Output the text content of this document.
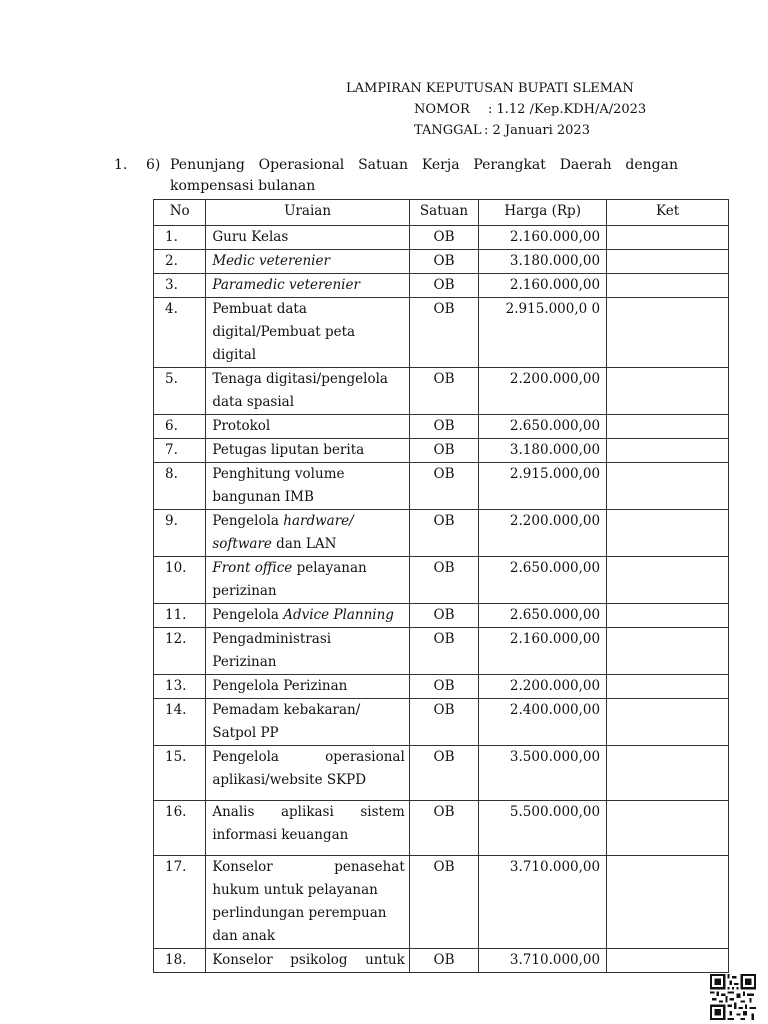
LAMPIRAN KEPUTUSAN BUPATI SLEMAN
NOMOR : 1.12 /Kep.KDH/A/2023
TANGGAL : 2 Januari 2023
1. 6) Penunjang Operasional Satuan Kerja Perangkat Daerah dengan
kompensasi bulanan
No	Uraian	Satuan	Harga (Rp)	Ket
1.	Guru Kelas	OB	2.160.000,00	
2.	Medic veterenier	OB	3.180.000,00	
3.	Paramedic veterenier	OB	2.160.000,00	
4.	Pembuat data
digital/Pembuat peta
digital	OB	2.915.000,0 0	
5.	Tenaga digitasi/pengelola
data spasial	OB	2.200.000,00	
6.	Protokol	OB	2.650.000,00	
7.	Petugas liputan berita	OB	3.180.000,00	
8.	Penghitung volume
bangunan IMB	OB	2.915.000,00	
9.	Pengelola hardware/
software dan LAN	OB	2.200.000,00	
10.	Front office pelayanan
perizinan	OB	2.650.000,00	
11.	Pengelola Advice Planning	OB	2.650.000,00	
12.	Pengadministrasi
Perizinan	OB	2.160.000,00	
13.	Pengelola Perizinan	OB	2.200.000,00	
14.	Pemadam kebakaran/
Satpol PP	OB	2.400.000,00	
15.	Pengelola operasional
aplikasi/website SKPD	OB	3.500.000,00	
16.	Analis aplikasi sistem
informasi keuangan	OB	5.500.000,00	
17.	Konselor penasehat
hukum untuk pelayanan
perlindungan perempuan
dan anak	OB	3.710.000,00	
18.	Konselor psikolog untuk	OB	3.710.000,00	
